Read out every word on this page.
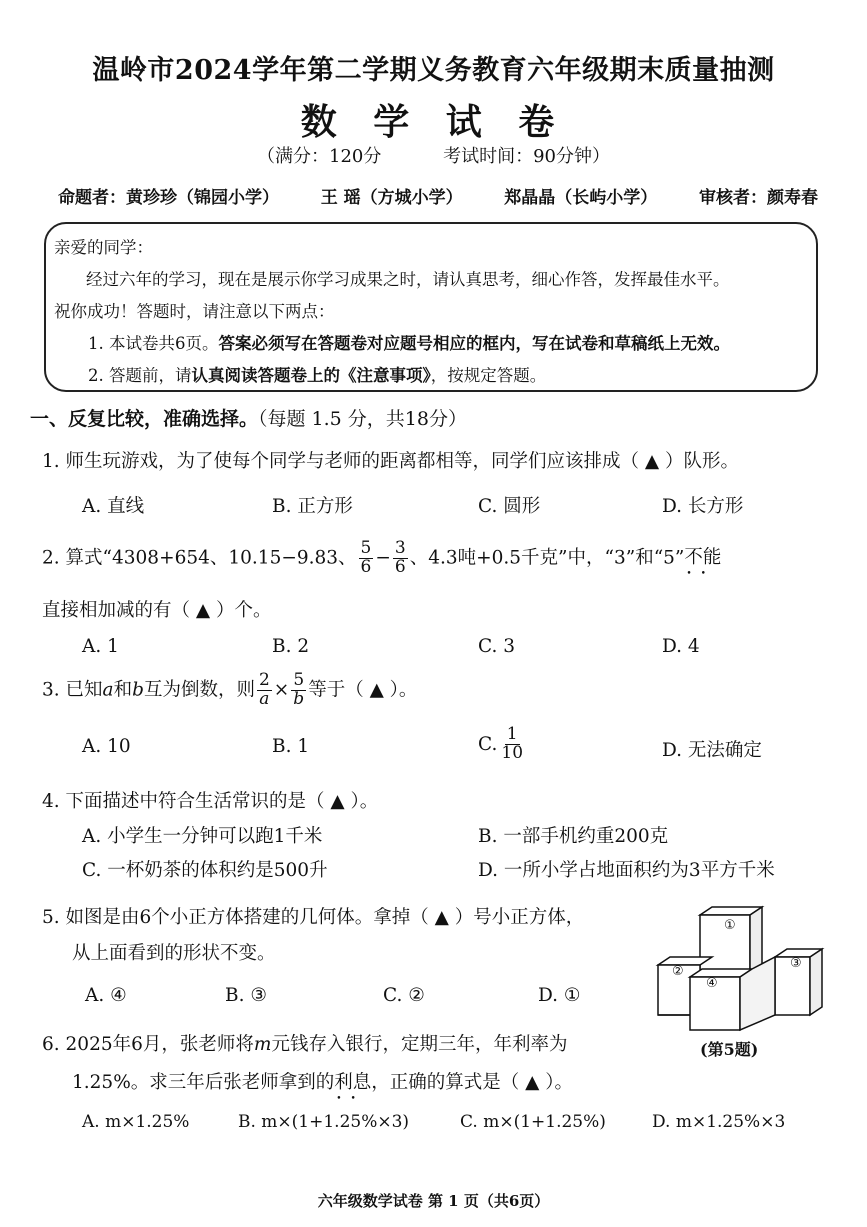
温岭市2024学年第二学期义务教育六年级期末质量抽测
数 学 试 卷
（满分：120分	考试时间：90分钟）
命题者：黄珍珍（锦园小学） 王 瑶（方城小学） 郑晶晶（长屿小学） 审核者：颜寿春
亲爱的同学：
经过六年的学习，现在是展示你学习成果之时，请认真思考，细心作答，发挥最佳水平。
祝你成功！答题时，请注意以下两点：
1. 本试卷共6页。答案必须写在答题卷对应题号相应的框内，写在试卷和草稿纸上无效。
2. 答题前，请认真阅读答题卷上的《注意事项》，按规定答题。
一、反复比较，准确选择。（每题 1.5 分，共18分）
1. 师生玩游戏，为了使每个同学与老师的距离都相等，同学们应该排成（ ▲ ）队形。
A. 直线	B. 正方形	C. 圆形	D. 长方形
2. 算式“4308+654、10.15−9.83、 $\frac{5}{6} - \frac{3}{6}$ 、4.3吨+0.5千克”中，“3”和“5”不能 • •
直接相加减的有（ ▲ ）个。
A. 1	B. 2	C. 3	D. 4
3. 已知a和b互为倒数，则 $\frac{2}{a} \times \frac{5}{b}$ 等于（ ▲ ）。
A. 10	B. 1	C. $\frac{1}{10}$	D. 无法确定
4. 下面描述中符合生活常识的是（ ▲ ）。
A. 小学生一分钟可以跑1千米	B. 一部手机约重200克
C. 一杯奶茶的体积约是500升	D. 一所小学占地面积约为3平方千米
5. 如图是由6个小正方体搭建的几何体。拿掉（ ▲ ）号小正方体，
从上面看到的形状不变。
A. ④	B. ③	C. ②	D. ①
①
②
③
④
(第5题)
6. 2025年6月，张老师将m元钱存入银行，定期三年，年利率为
1.25%。求三年后张老师拿到的利息 • •，正确的算式是（ ▲ ）。
A. m×1.25%	B. m×(1+1.25%×3)	C. m×(1+1.25%)	D. m×1.25%×3
六年级数学试卷 第 1 页（共6页）
